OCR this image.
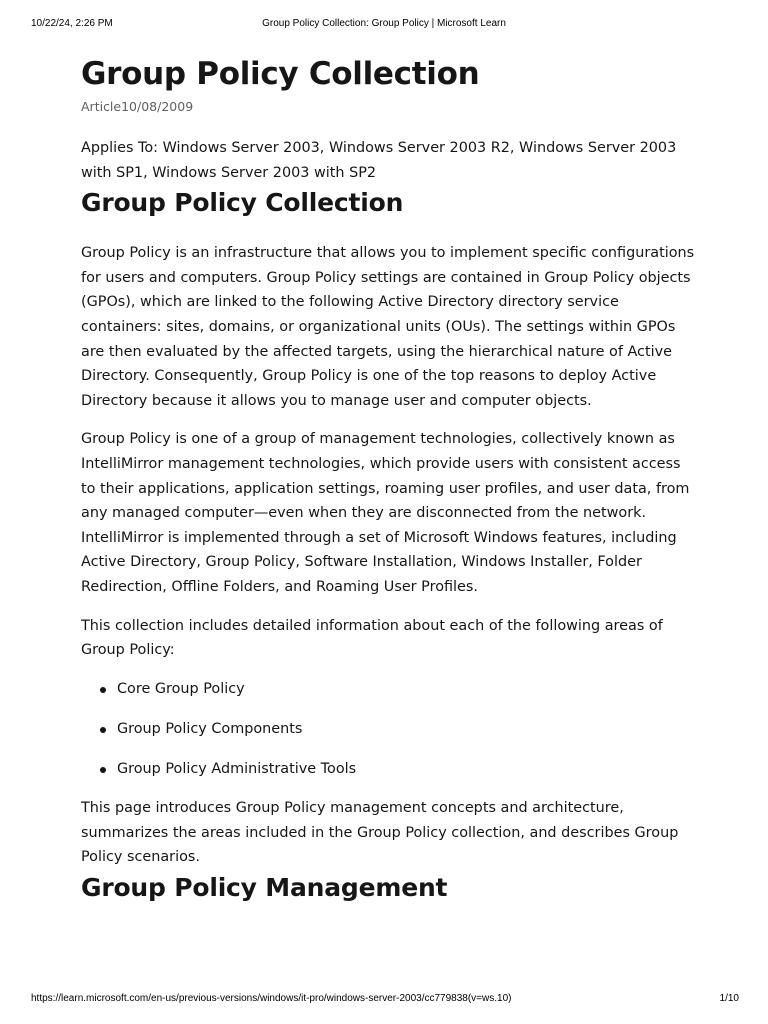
10/22/24, 2:26 PM	Group Policy Collection: Group Policy | Microsoft Learn
Group Policy Collection
Article10/08/2009

Applies To: Windows Server 2003, Windows Server 2003 R2, Windows Server 2003 with SP1, Windows Server 2003 with SP2

Group Policy Collection

Group Policy is an infrastructure that allows you to implement specific configurations for users and computers. Group Policy settings are contained in Group Policy objects (GPOs), which are linked to the following Active Directory directory service containers: sites, domains, or organizational units (OUs). The settings within GPOs are then evaluated by the affected targets, using the hierarchical nature of Active Directory. Consequently, Group Policy is one of the top reasons to deploy Active Directory because it allows you to manage user and computer objects.

Group Policy is one of a group of management technologies, collectively known as IntelliMirror management technologies, which provide users with consistent access to their applications, application settings, roaming user profiles, and user data, from any managed computer—even when they are disconnected from the network. IntelliMirror is implemented through a set of Microsoft Windows features, including Active Directory, Group Policy, Software Installation, Windows Installer, Folder Redirection, Offline Folders, and Roaming User Profiles.

This collection includes detailed information about each of the following areas of Group Policy:

Core Group Policy
Group Policy Components
Group Policy Administrative Tools

This page introduces Group Policy management concepts and architecture, summarizes the areas included in the Group Policy collection, and describes Group Policy scenarios.

Group Policy Management
https://learn.microsoft.com/en-us/previous-versions/windows/it-pro/windows-server-2003/cc779838(v=ws.10)	1/10
